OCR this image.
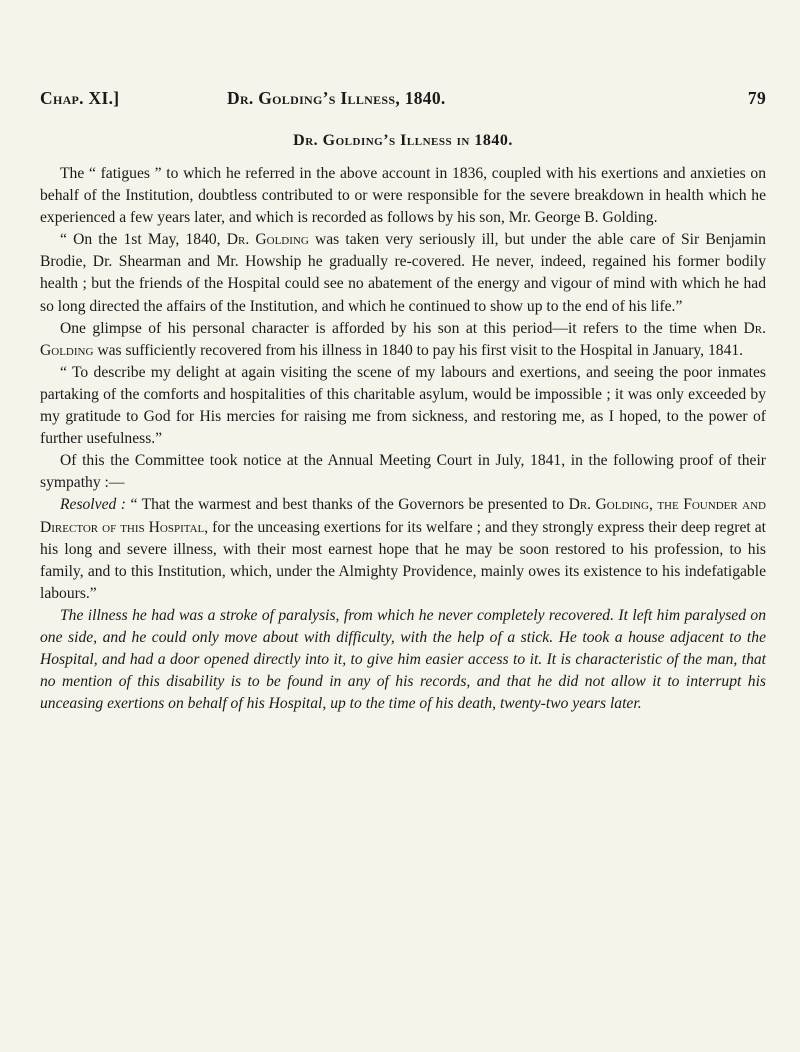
Chap. XI.]	Dr. Golding’s Illness, 1840.	79
Dr. Golding’s Illness in 1840.

The “ fatigues ” to which he referred in the above account in 1836, coupled with his exertions and anxieties on behalf of the Institution, doubtless contributed to or were responsible for the severe breakdown in health which he experienced a few years later, and which is recorded as follows by his son, Mr. George B. Golding.

“ On the 1st May, 1840, Dr. Golding was taken very seriously ill, but under the able care of Sir Benjamin Brodie, Dr. Shearman and Mr. Howship he gradually re-covered. He never, indeed, regained his former bodily health ; but the friends of the Hospital could see no abatement of the energy and vigour of mind with which he had so long directed the affairs of the Institution, and which he continued to show up to the end of his life.”

One glimpse of his personal character is afforded by his son at this period—it refers to the time when Dr. Golding was sufficiently recovered from his illness in 1840 to pay his first visit to the Hospital in January, 1841.

“ To describe my delight at again visiting the scene of my labours and exertions, and seeing the poor inmates partaking of the comforts and hospitalities of this charitable asylum, would be impossible ; it was only exceeded by my gratitude to God for His mercies for raising me from sickness, and restoring me, as I hoped, to the power of further usefulness.”

Of this the Committee took notice at the Annual Meeting Court in July, 1841, in the following proof of their sympathy :—

Resolved : “ That the warmest and best thanks of the Governors be presented to Dr. Golding, the Founder and Director of this Hospital, for the unceasing exertions for its welfare ; and they strongly express their deep regret at his long and severe illness, with their most earnest hope that he may be soon restored to his profession, to his family, and to this Institution, which, under the Almighty Providence, mainly owes its existence to his indefatigable labours.”

The illness he had was a stroke of paralysis, from which he never completely recovered. It left him paralysed on one side, and he could only move about with difficulty, with the help of a stick. He took a house adjacent to the Hospital, and had a door opened directly into it, to give him easier access to it. It is characteristic of the man, that no mention of this disability is to be found in any of his records, and that he did not allow it to interrupt his unceasing exertions on behalf of his Hospital, up to the time of his death, twenty-two years later.
